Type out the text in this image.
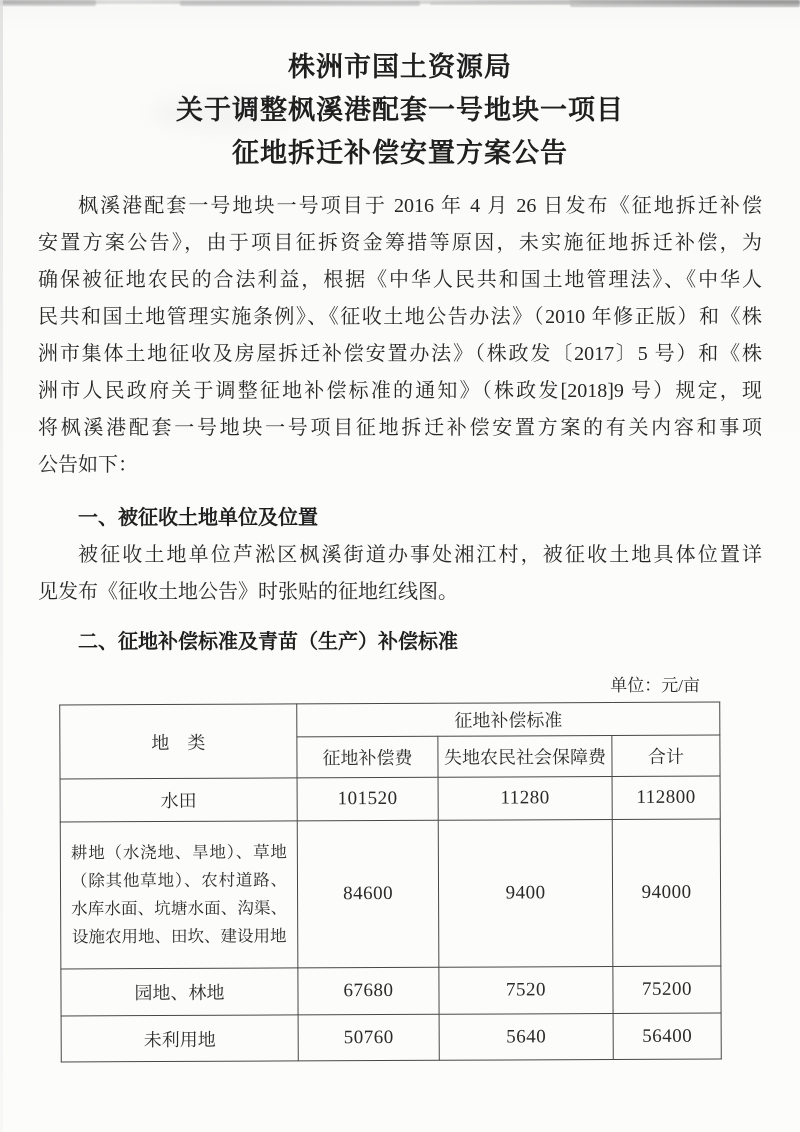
株洲市国土资源局
关于调整枫溪港配套一号地块一项目
征地拆迁补偿安置方案公告
枫溪港配套一号地块一号项目于 2016 年 4 月 26 日发布《征地拆迁补偿
安置方案公告》，由于项目征拆资金筹措等原因，未实施征地拆迁补偿，为
确保被征地农民的合法利益，根据《中华人民共和国土地管理法》、《中华人
民共和国土地管理实施条例》、《征收土地公告办法》（2010 年修正版）和《株
洲市集体土地征收及房屋拆迁补偿安置办法》（株政发〔2017〕5 号）和《株
洲市人民政府关于调整征地补偿标准的通知》（株政发[2018]9 号）规定，现
将枫溪港配套一号地块一号项目征地拆迁补偿安置方案的有关内容和事项
公告如下：
一、被征收土地单位及位置
被征收土地单位芦淞区枫溪街道办事处湘江村，被征收土地具体位置详
见发布《征收土地公告》时张贴的征地红线图。
二、征地补偿标准及青苗（生产）补偿标准
单位：元/亩
地　类	征地补偿标准		
	征地补偿费	失地农民社会保障费	合计
水田	101520	11280	112800
耕地（水浇地、旱地）、草地（除其他草地）、农村道路、水库水面、坑塘水面、沟渠、设施农用地、田坎、建设用地	84600	9400	94000
园地、林地	67680	7520	75200
未利用地	50760	5640	56400
